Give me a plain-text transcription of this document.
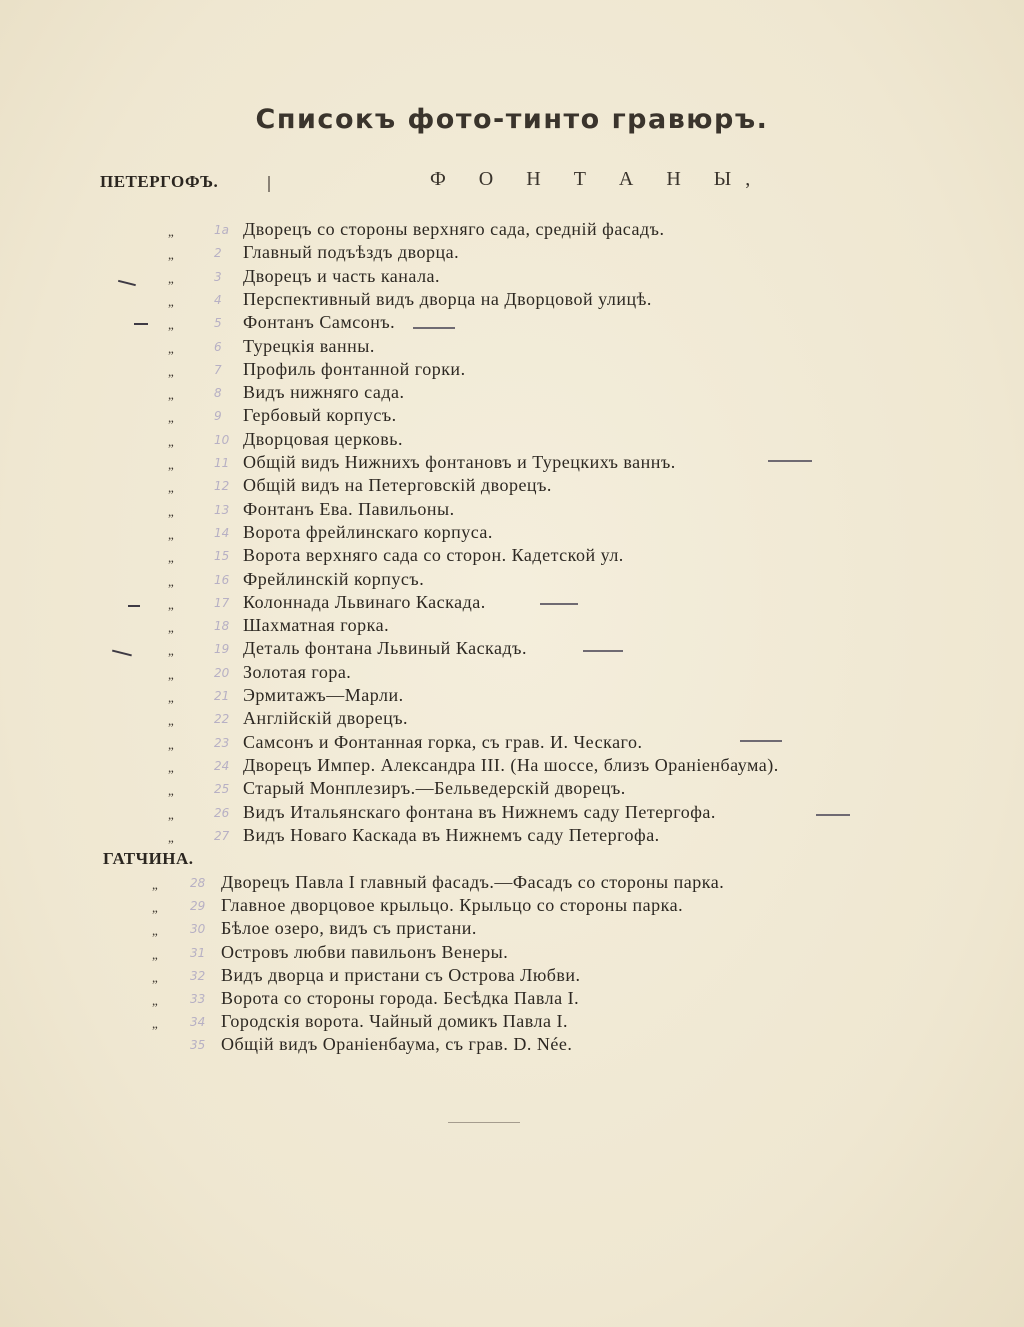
Списокъ фото-тинто гравюръ.
ПЕТЕРГОФЪ.	Ф О Н Т А Н Ы,
„	1а Дворецъ со стороны верхняго сада, средній фасадъ.
„	2 Главный подъѣздъ дворца.
„	3 Дворецъ и часть канала.
„	4 Перспективный видъ дворца на Дворцовой улицѣ.
„	5 Фонтанъ Самсонъ.
„	6 Турецкія ванны.
„	7 Профиль фонтанной горки.
„	8 Видъ нижняго сада.
„	9 Гербовый корпусъ.
„	10 Дворцовая церковь.
„	11 Общій видъ Нижнихъ фонтановъ и Турецкихъ ваннъ.
„	12 Общій видъ на Петерговскій дворецъ.
„	13 Фонтанъ Ева. Павильоны.
„	14 Ворота фрейлинскаго корпуса.
„	15 Ворота верхняго сада со сторон. Кадетской ул.
„	16 Фрейлинскій корпусъ.
„	17 Колоннада Львинаго Каскада.
„	18 Шахматная горка.
„	19 Деталь фонтана Львиный Каскадъ.
„	20 Золотая гора.
„	21 Эрмитажъ—Марли.
„	22 Англійскій дворецъ.
„	23 Самсонъ и Фонтанная горка, съ грав. И. Ческаго.
„	24 Дворецъ Импер. Александра III. (На шоссе, близъ Ораніенбаума).
„	25 Старый Монплезиръ.—Бельведерскій дворецъ.
„	26 Видъ Итальянскаго фонтана въ Нижнемъ саду Петергофа.
„	27 Видъ Новаго Каскада въ Нижнемъ саду Петергофа.
ГАТЧИНА.
„	28 Дворецъ Павла I главный фасадъ.—Фасадъ со стороны парка.
„	29 Главное дворцовое крыльцо. Крыльцо со стороны парка.
„	30 Бѣлое озеро, видъ съ пристани.
„	31 Островъ любви павильонъ Венеры.
„	32 Видъ дворца и пристани съ Острова Любви.
„	33 Ворота со стороны города. Бесѣдка Павла I.
„	34 Городскія ворота. Чайный домикъ Павла I.
35 Общій видъ Ораніенбаума, съ грав. D. Née.
